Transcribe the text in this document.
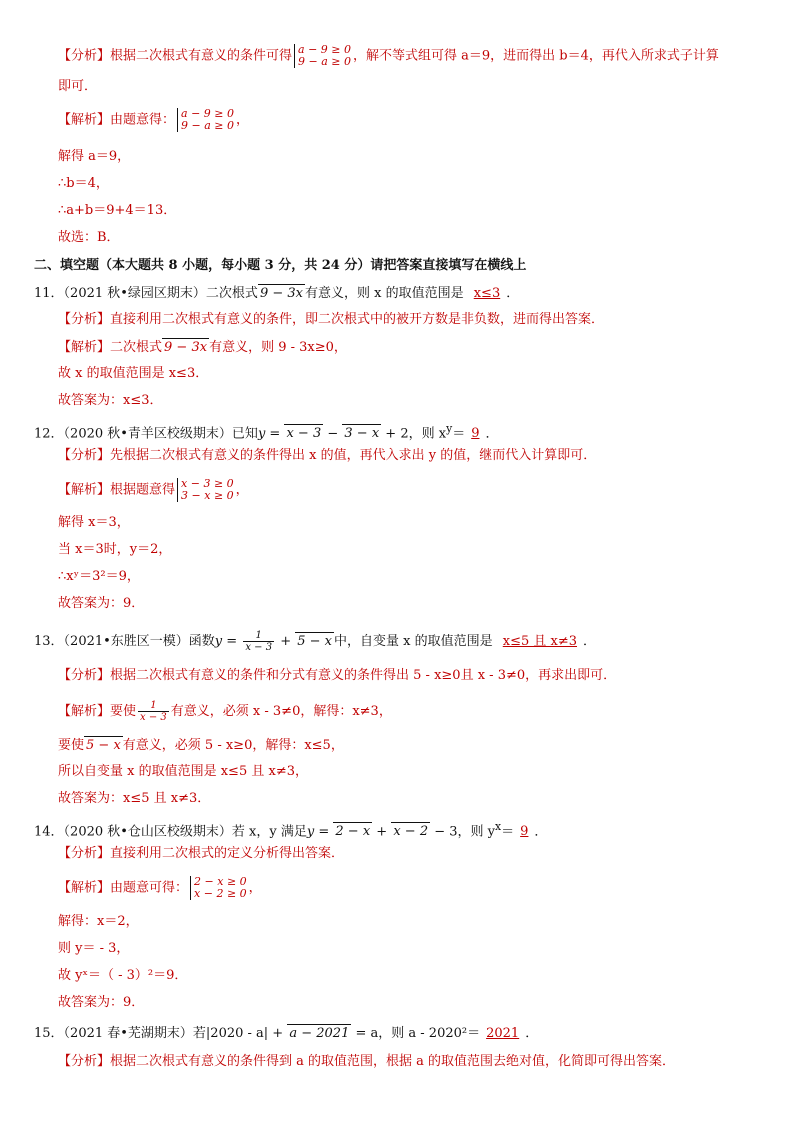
【分析】根据二次根式有意义的条件可得 a − 9 ≥ 0
9 − a ≥ 0 ，解不等式组可得 a＝9，进而得出 b＝4，再代入所求式子计算
即可．
【解析】由题意得： a − 9 ≥ 0
9 − a ≥ 0 ，
解得 a＝9，
∴b＝4，
∴a+b＝9+4＝13．
故选：B．
二、填空题（本大题共 8 小题，每小题 3 分，共 24 分）请把答案直接填写在横线上
11．（2021 秋•绿园区期末）二次根式 9 − 3x 有意义，则 x 的取值范围是 x≤3 ．
【分析】直接利用二次根式有意义的条件，即二次根式中的被开方数是非负数，进而得出答案．
【解析】二次根式 9 − 3x 有意义，则 9 - 3x≥0，
故 x 的取值范围是 x≤3．
故答案为：x≤3．
12．（2020 秋•青羊区校级期末）已知y = x − 3 − 3 − x + 2，则 $x^y= 9$ ．
【分析】先根据二次根式有意义的条件得出 x 的值，再代入求出 y 的值，继而代入计算即可．
【解析】根据题意得 x − 3 ≥ 0
3 − x ≥ 0 ，
解得 x＝3，
当 x＝3时，y＝2，
∴xʸ＝3²＝9，
故答案为：9．
13．（2021•东胜区一模）函数$y = \frac{1}{x - 3} + 5 - x$ 中，自变量 x 的取值范围是 x≤5 且 x≠3 ．
【分析】根据二次根式有意义的条件和分式有意义的条件得出 5 - x≥0且 x - 3≠0，再求出即可．
【解析】要使 $\frac{1}{x - 3}$ 有意义，必须 x - 3≠0，解得：x≠3，
要使 5 − x 有意义，必须 5 - x≥0，解得：x≤5，
所以自变量 x 的取值范围是 x≤5 且 x≠3，
故答案为：x≤5 且 x≠3．
14．（2020 秋•仓山区校级期末）若 x，y 满足y = 2 − x + x − 2 − 3，则 $y^x= 9$ ．
【分析】直接利用二次根式的定义分析得出答案．
【解析】由题意可得： 2 − x ≥ 0
x − 2 ≥ 0 ，
解得：x＝2，
则 y＝ - 3，
故 yˣ＝（ - 3）²＝9．
故答案为：9．
15．（2021 春•芜湖期末）若|2020 - a| + a − 2021 = a，则 a - 2020²＝ 2021 ．
【分析】根据二次根式有意义的条件得到 a 的取值范围，根据 a 的取值范围去绝对值，化简即可得出答案．
